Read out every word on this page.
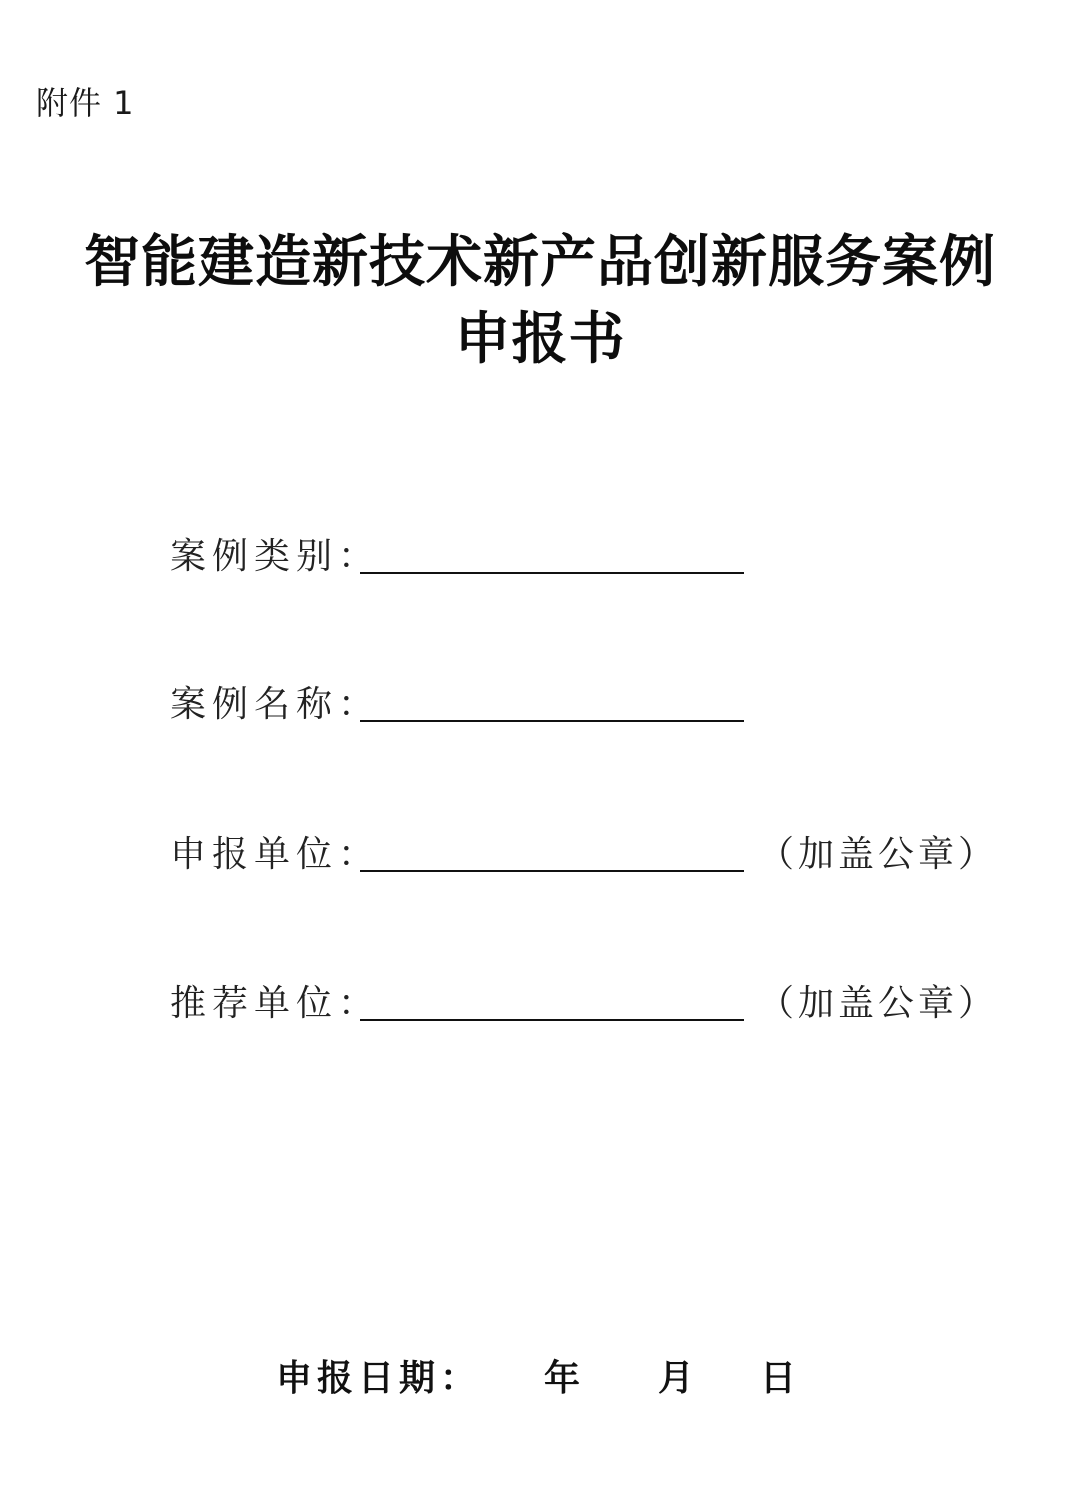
附件 1
智能建造新技术新产品创新服务案例
申报书
案例类别：
案例名称：
申报单位：	（加盖公章）
推荐单位：	（加盖公章）
申报日期： 年 月 日
